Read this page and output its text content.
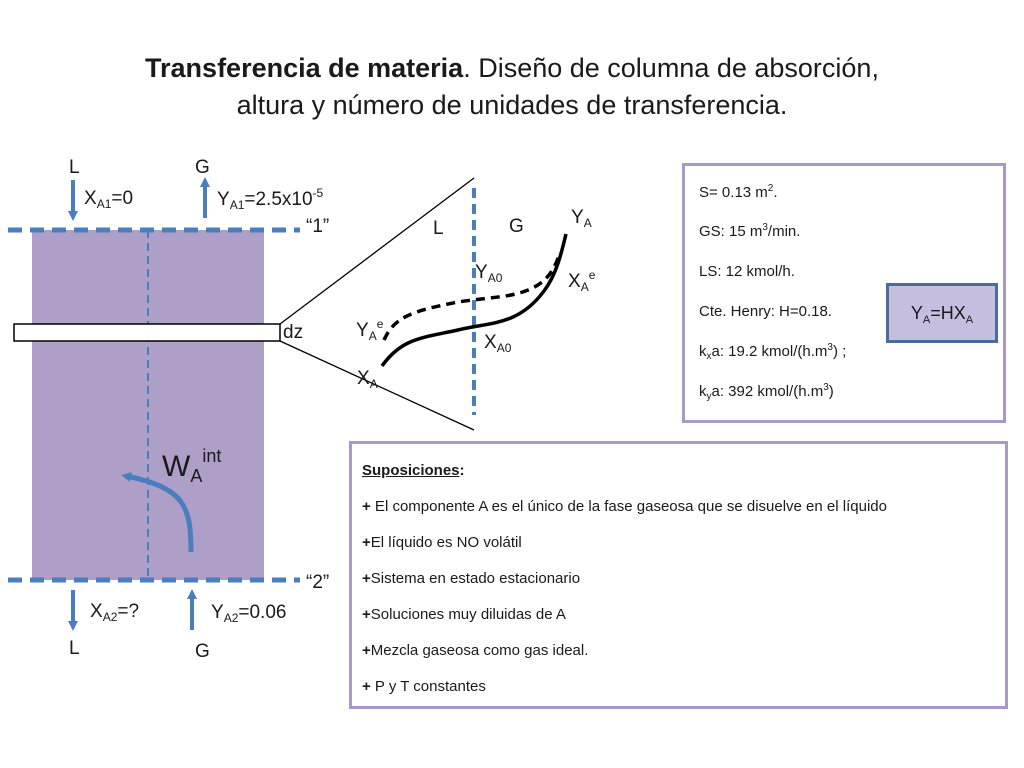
Transferencia de materia. Diseño de columna de absorción,
altura y número de unidades de transferencia.
L	G
$X_{A1}=0$	$Y_{A1}=2.5x10^{-5}$
“1”
dz
$W_A^{int}$
“2”
$X_{A2}=$?	$Y_{A2}=0.06$
L	G
L	G $Y_A$
$Y_{A0}$	$X_A^e$
$Y_A^e$
$X_{A0}$
$X_A$
S= 0.13 $m^2$.
GS: 15 $m^3/\min$.
LS: 12 kmol/h.
Cte. Henry: H=0.18.
$k_xa$: 19.2 kmol/$(h.m^3)$ ;
$k_ya$: 392 kmol/$(h.m^3)$
$Y_A=HX_A$
Suposiciones:
+ El componente A es el único de la fase gaseosa que se disuelve en el líquido
+El líquido es NO volátil
+Sistema en estado estacionario
+Soluciones muy diluidas de A
+Mezcla gaseosa como gas ideal.
+ P y T constantes
